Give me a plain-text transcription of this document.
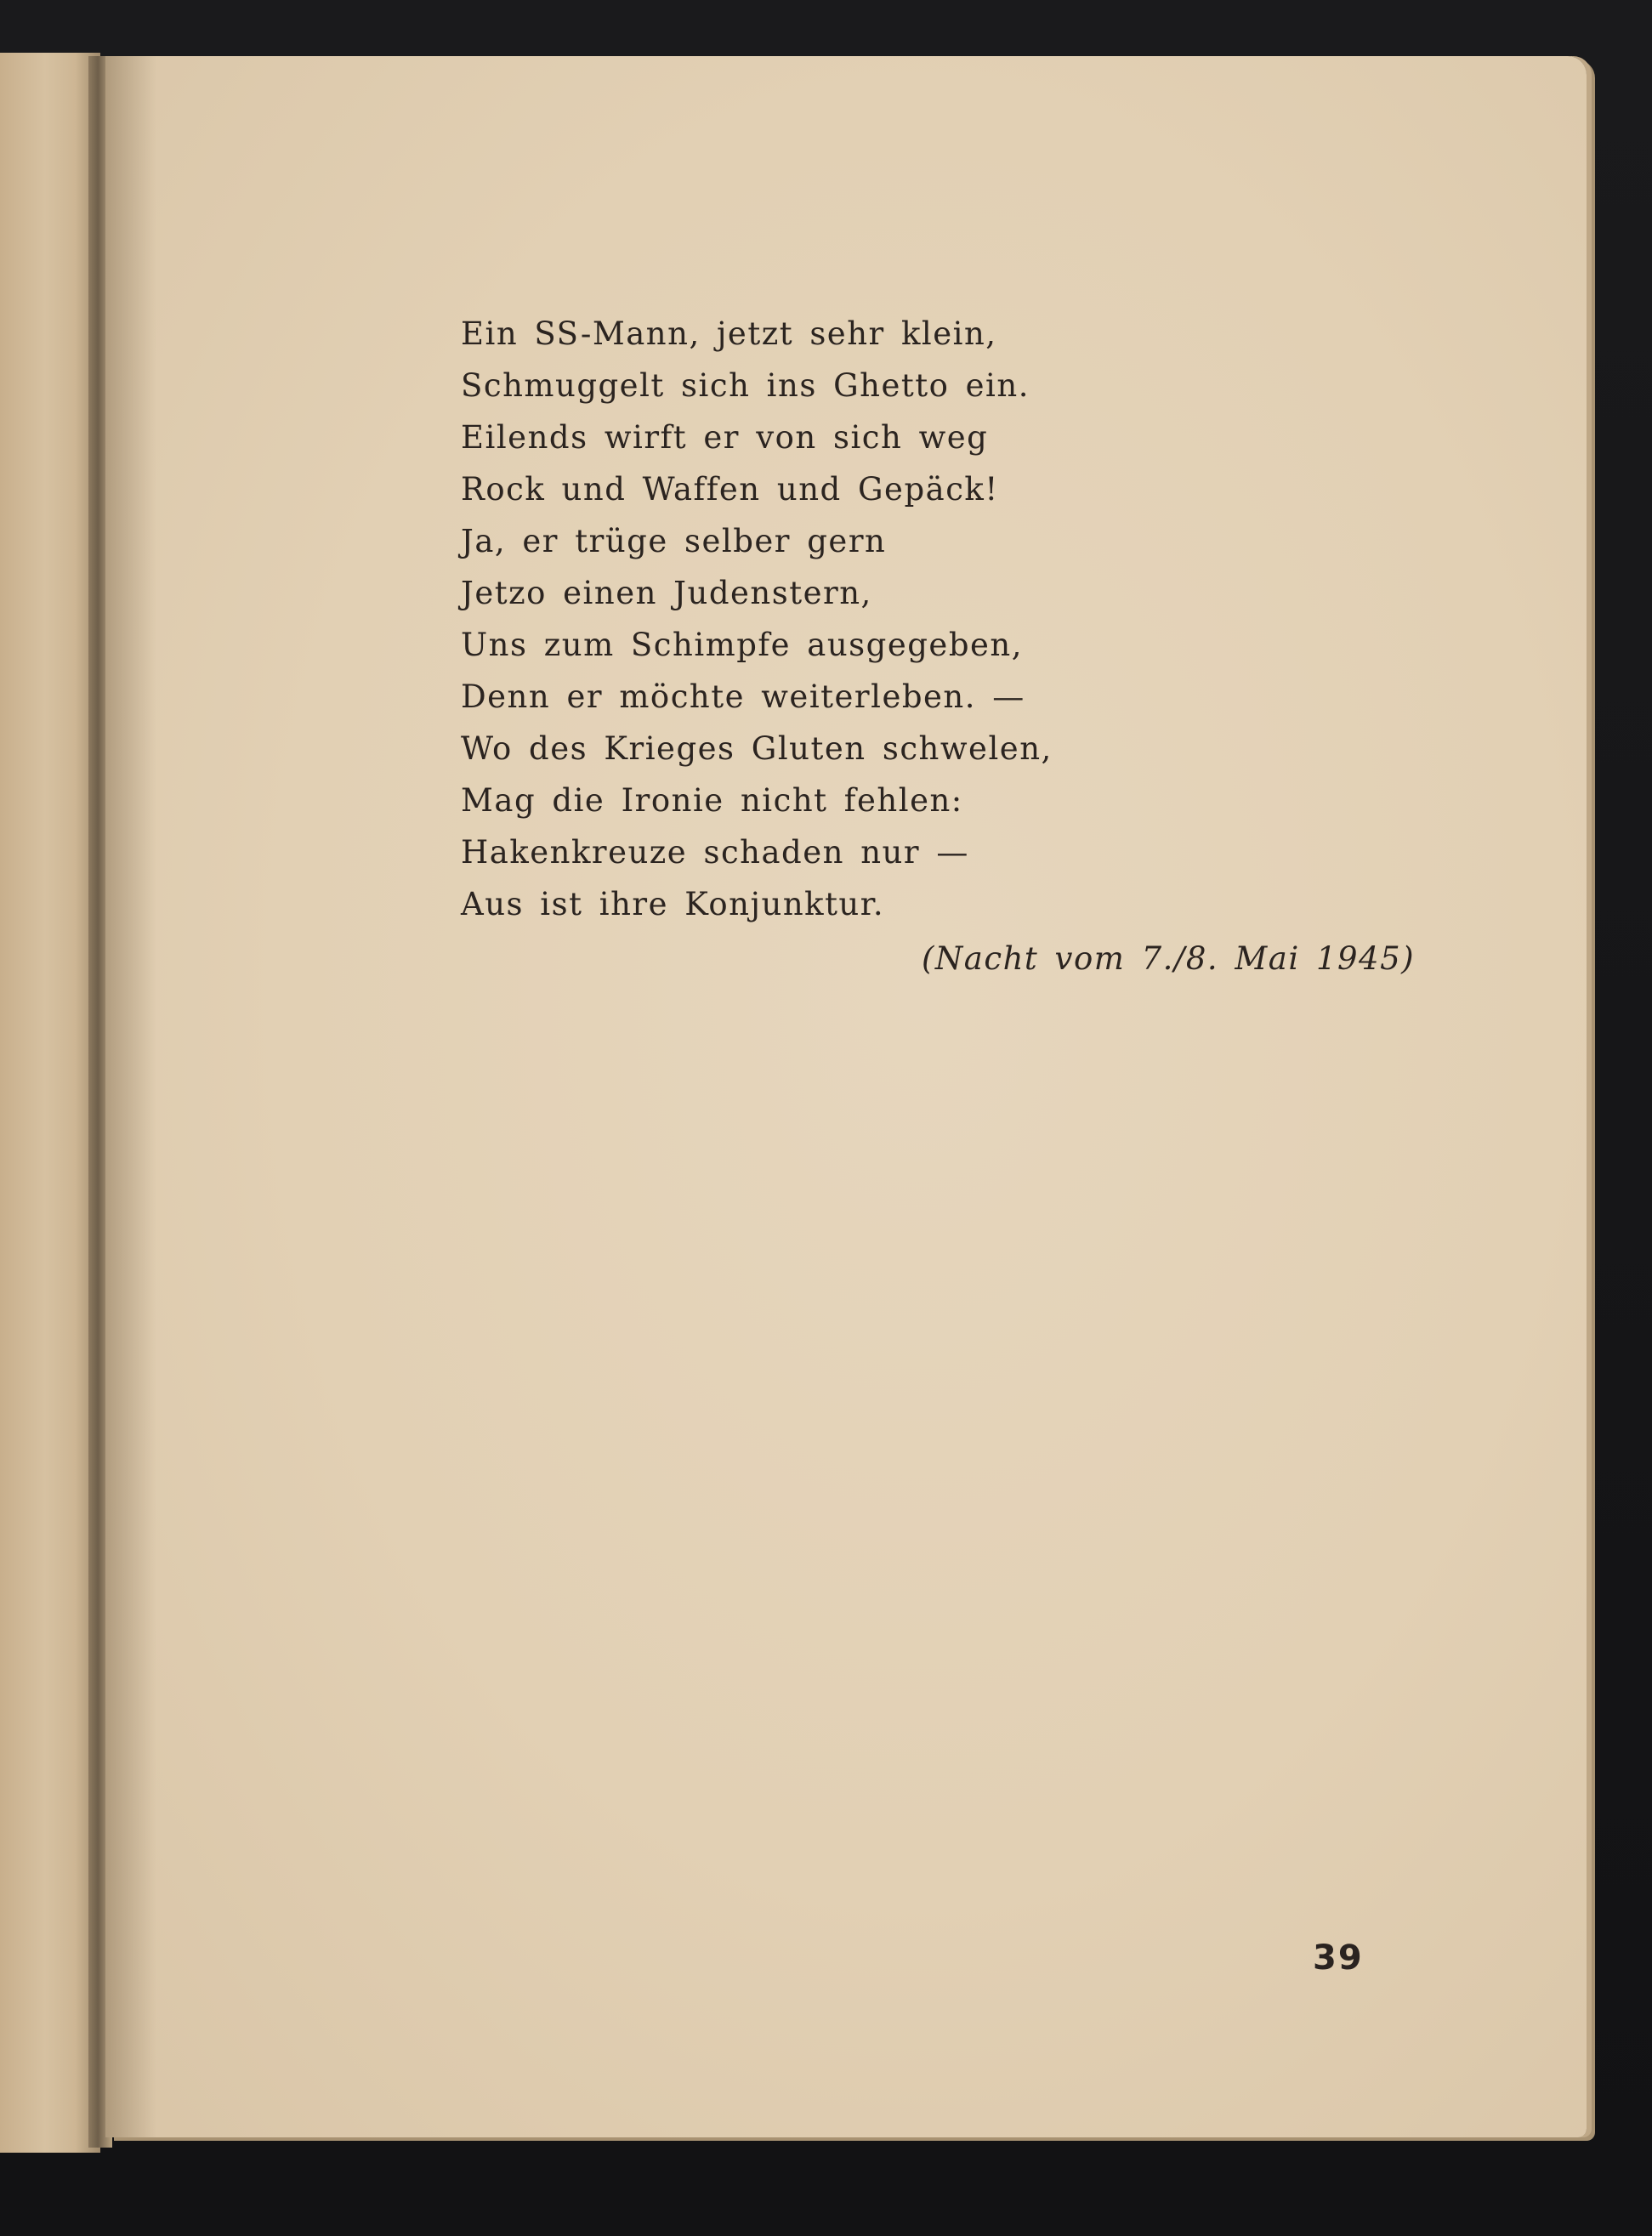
Ein SS-Mann, jetzt sehr klein,
Schmuggelt sich ins Ghetto ein.
Eilends wirft er von sich weg
Rock und Waffen und Gepäck!
Ja, er trüge selber gern
Jetzo einen Judenstern,
Uns zum Schimpfe ausgegeben,
Denn er möchte weiterleben. —
Wo des Krieges Gluten schwelen,
Mag die Ironie nicht fehlen:
Hakenkreuze schaden nur —
Aus ist ihre Konjunktur.
(Nacht vom 7./8. Mai 1945)
39
